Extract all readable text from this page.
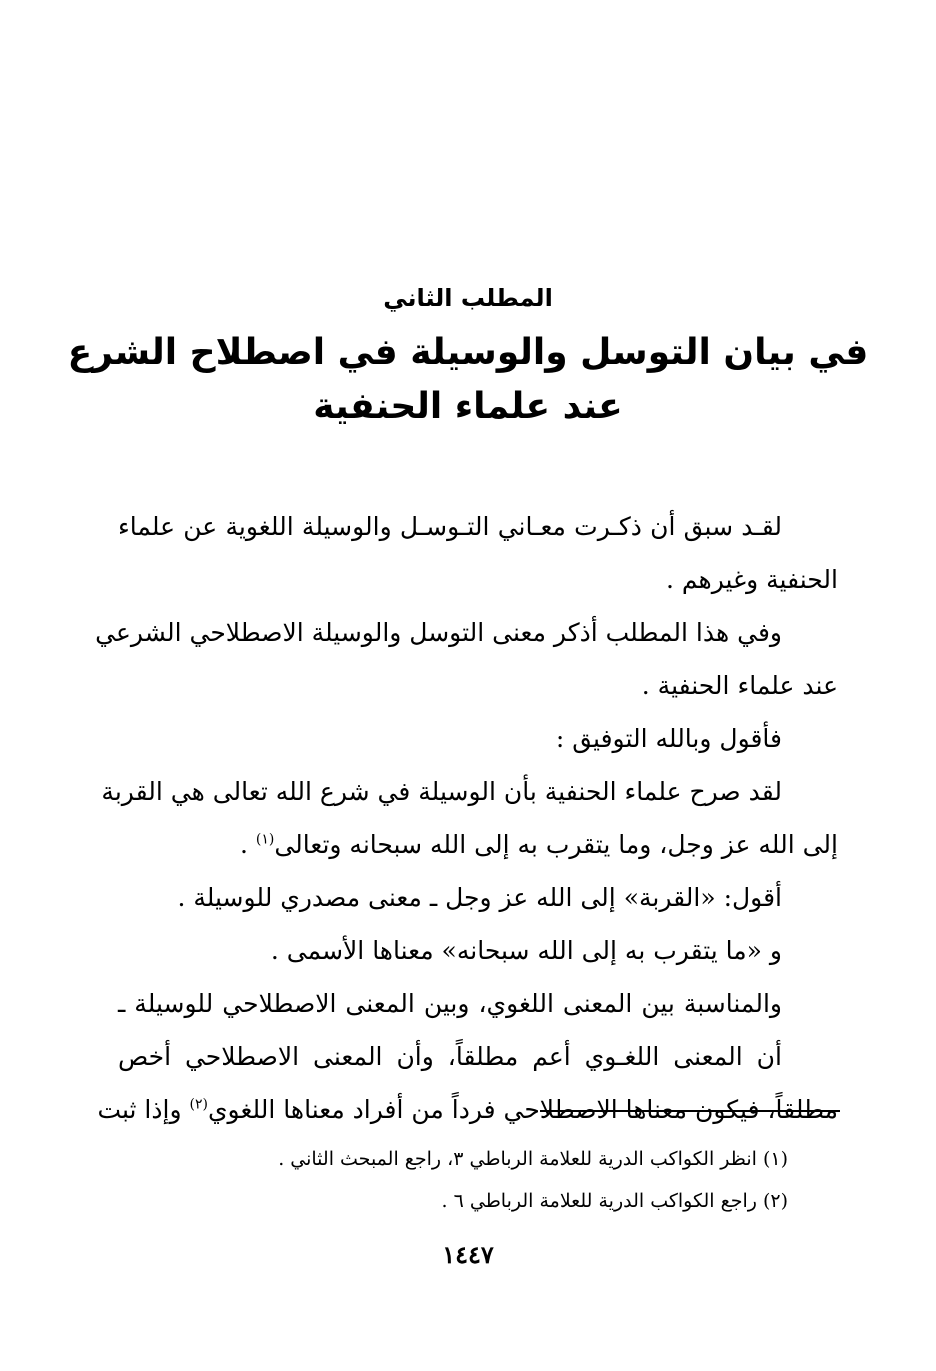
المطلب الثاني
في بيان التوسل والوسيلة في اصطلاح الشرع
عند علماء الحنفية
لقـد سبق أن ذكـرت معـاني التـوسـل والوسيلة اللغوية عن علماء
الحنفية وغيرهم .
وفي هذا المطلب أذكر معنى التوسل والوسيلة الاصطلاحي الشرعي
عند علماء الحنفية .
فأقول وبالله التوفيق :
لقد صرح علماء الحنفية بأن الوسيلة في شرع الله تعالى هي القربة
إلى الله عز وجل، وما يتقرب به إلى الله سبحانه وتعالى$^{(١)}$ .
أقول: «القربة» إلى الله عز وجل ـ معنى مصدري للوسيلة .
و «ما يتقرب به إلى الله سبحانه» معناها الأسمى .
والمناسبة بين المعنى اللغوي، وبين المعنى الاصطلاحي للوسيلة ـ
أن المعنى اللغـوي أعم مطلقاً، وأن المعنى الاصطلاحي أخص
مطلقاً، فيكون معناها الاصطلاحي فرداً من أفراد معناها اللغوي$^{(٢)}$ وإذا ثبت
(١) انظر الكواكب الدرية للعلامة الرباطي ٣، راجع المبحث الثاني .
(٢) راجع الكواكب الدرية للعلامة الرباطي ٦ .
١٤٤٧
